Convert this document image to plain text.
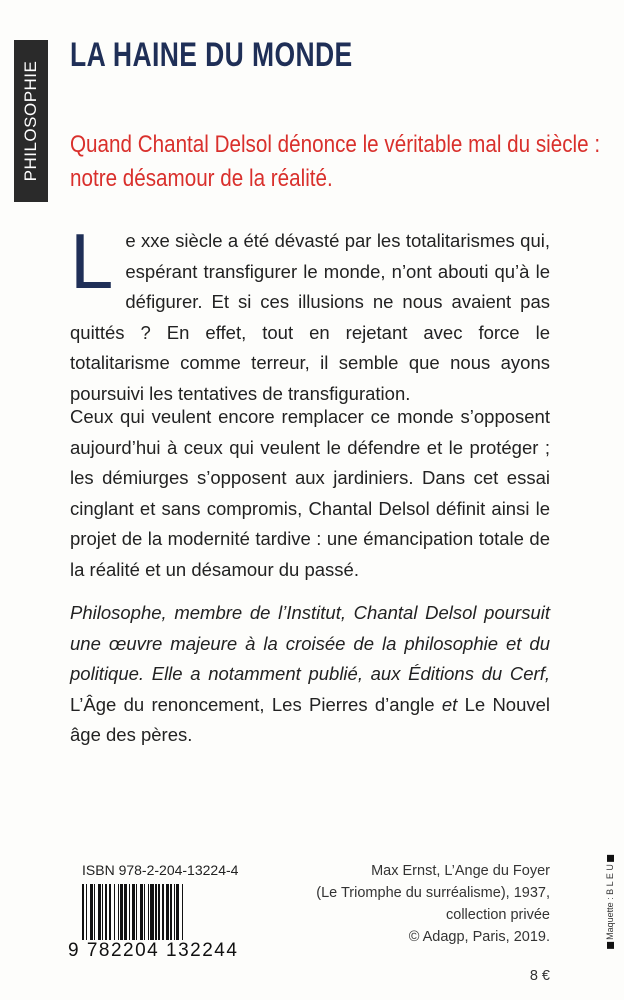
PHILOSOPHIE
LA HAINE DU MONDE
Quand Chantal Delsol dénonce le véritable mal du siècle : notre désamour de la réalité.
Le xxe siècle a été dévasté par les totalitarismes qui, espérant transfigurer le monde, n’ont abouti qu’à le défigurer. Et si ces illusions ne nous avaient pas quittés ? En effet, tout en rejetant avec force le totalitarisme comme terreur, il semble que nous ayons poursuivi les tentatives de transfiguration.
Ceux qui veulent encore remplacer ce monde s’opposent aujourd’hui à ceux qui veulent le défendre et le protéger ; les démiurges s’opposent aux jardiniers. Dans cet essai cinglant et sans compromis, Chantal Delsol définit ainsi le projet de la modernité tardive : une émancipation totale de la réalité et un désamour du passé.
Philosophe, membre de l’Institut, Chantal Delsol poursuit une œuvre majeure à la croisée de la philosophie et du politique. Elle a notamment publié, aux Éditions du Cerf, L’Âge du renoncement, Les Pierres d’angle et Le Nouvel âge des pères.
ISBN 978-2-204-13224-4
9 782204 132244
Max Ernst, L’Ange du Foyer
(Le Triomphe du surréalisme), 1937,
collection privée
© Adagp, Paris, 2019.
8 €
Maquette : B L E U
